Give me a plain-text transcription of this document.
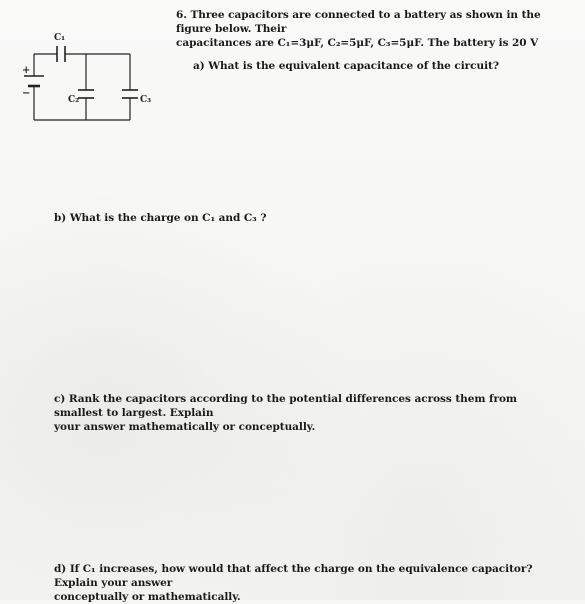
C₁
C₂	C₃
+
−
6. Three capacitors are connected to a battery as shown in the figure below. Their
capacitances are C₁=3μF, C₂=5μF, C₃=5μF. The battery is 20 V
a) What is the equivalent capacitance of the circuit?
b) What is the charge on C₁ and C₃ ?
c) Rank the capacitors according to the potential differences across them from smallest to largest. Explain
your answer mathematically or conceptually.
d) If C₁ increases, how would that affect the charge on the equivalence capacitor? Explain your answer
conceptually or mathematically.
